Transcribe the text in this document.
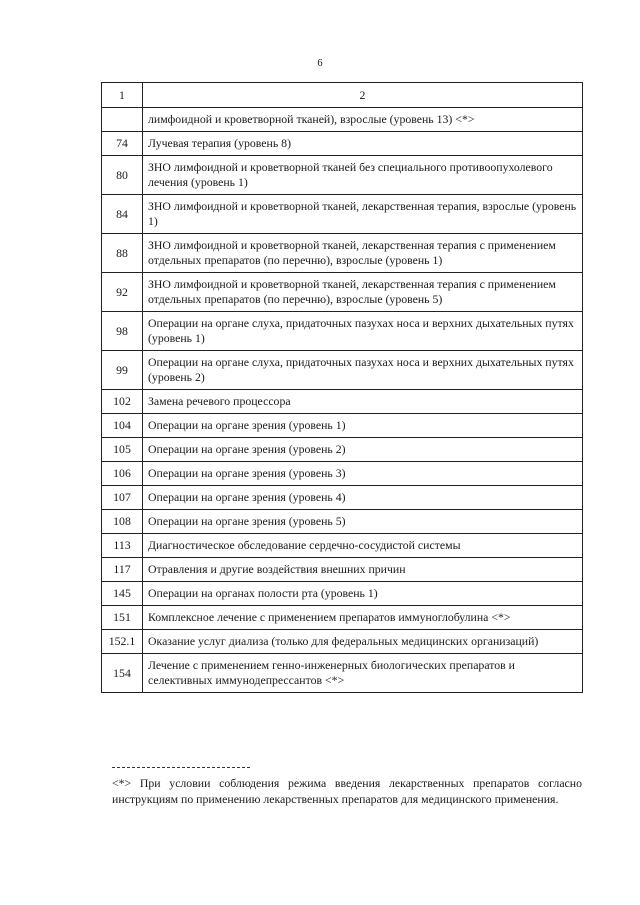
6
1	2
	лимфоидной и кроветворной тканей), взрослые (уровень 13) <*>
74	Лучевая терапия (уровень 8)
80	ЗНО лимфоидной и кроветворной тканей без специального противоопухолевого лечения (уровень 1)
84	ЗНО лимфоидной и кроветворной тканей, лекарственная терапия, взрослые (уровень 1)
88	ЗНО лимфоидной и кроветворной тканей, лекарственная терапия с применением отдельных препаратов (по перечню), взрослые (уровень 1)
92	ЗНО лимфоидной и кроветворной тканей, лекарственная терапия с применением отдельных препаратов (по перечню), взрослые (уровень 5)
98	Операции на органе слуха, придаточных пазухах носа и верхних дыхательных путях (уровень 1)
99	Операции на органе слуха, придаточных пазухах носа и верхних дыхательных путях (уровень 2)
102	Замена речевого процессора
104	Операции на органе зрения (уровень 1)
105	Операции на органе зрения (уровень 2)
106	Операции на органе зрения (уровень 3)
107	Операции на органе зрения (уровень 4)
108	Операции на органе зрения (уровень 5)
113	Диагностическое обследование сердечно-сосудистой системы
117	Отравления и другие воздействия внешних причин
145	Операции на органах полости рта (уровень 1)
151	Комплексное лечение с применением препаратов иммуноглобулина <*>
152.1	Оказание услуг диализа (только для федеральных медицинских организаций)
154	Лечение с применением генно-инженерных биологических препаратов и селективных иммунодепрессантов <*>
<*> При условии соблюдения режима введения лекарственных препаратов согласно инструкциям по применению лекарственных препаратов для медицинского применения.
